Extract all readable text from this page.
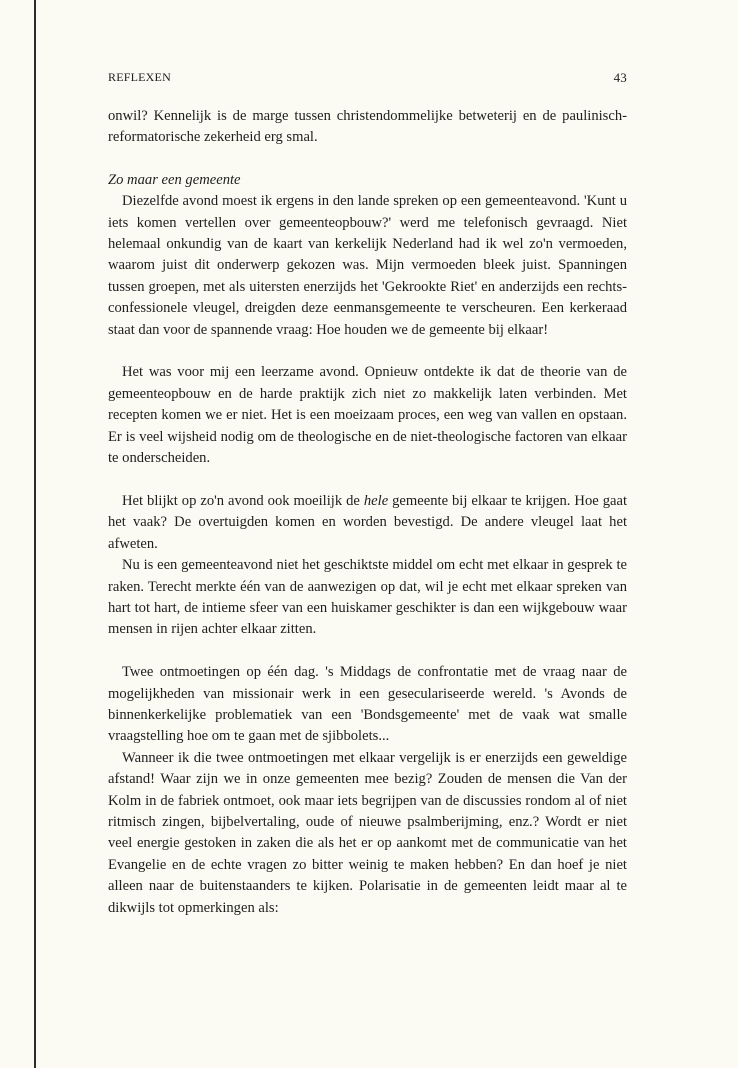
REFLEXEN	43

onwil? Kennelijk is de marge tussen christendommelijke betweterij en de paulinisch-reformatorische zekerheid erg smal.

Zo maar een gemeente

Diezelfde avond moest ik ergens in den lande spreken op een gemeenteavond. 'Kunt u iets komen vertellen over gemeenteopbouw?' werd me telefonisch gevraagd. Niet helemaal onkundig van de kaart van kerkelijk Nederland had ik wel zo'n vermoeden, waarom juist dit onderwerp gekozen was. Mijn vermoeden bleek juist. Spanningen tussen groepen, met als uitersten enerzijds het 'Gekrookte Riet' en anderzijds een rechts-confessionele vleugel, dreigden deze eenmansgemeente te verscheuren. Een kerkeraad staat dan voor de spannende vraag: Hoe houden we de gemeente bij elkaar!

Het was voor mij een leerzame avond. Opnieuw ontdekte ik dat de theorie van de gemeenteopbouw en de harde praktijk zich niet zo makkelijk laten verbinden. Met recepten komen we er niet. Het is een moeizaam proces, een weg van vallen en opstaan. Er is veel wijsheid nodig om de theologische en de niet-theologische factoren van elkaar te onderscheiden.

Het blijkt op zo'n avond ook moeilijk de hele gemeente bij elkaar te krijgen. Hoe gaat het vaak? De overtuigden komen en worden bevestigd. De andere vleugel laat het afweten.

Nu is een gemeenteavond niet het geschiktste middel om echt met elkaar in gesprek te raken. Terecht merkte één van de aanwezigen op dat, wil je echt met elkaar spreken van hart tot hart, de intieme sfeer van een huiskamer geschikter is dan een wijkgebouw waar mensen in rijen achter elkaar zitten.

Twee ontmoetingen op één dag. 's Middags de confrontatie met de vraag naar de mogelijkheden van missionair werk in een geseculariseerde wereld. 's Avonds de binnenkerkelijke problematiek van een 'Bondsgemeente' met de vaak wat smalle vraagstelling hoe om te gaan met de sjibbolets...

Wanneer ik die twee ontmoetingen met elkaar vergelijk is er enerzijds een geweldige afstand! Waar zijn we in onze gemeenten mee bezig? Zouden de mensen die Van der Kolm in de fabriek ontmoet, ook maar iets begrijpen van de discussies rondom al of niet ritmisch zingen, bijbelvertaling, oude of nieuwe psalmberijming, enz.? Wordt er niet veel energie gestoken in zaken die als het er op aankomt met de communicatie van het Evangelie en de echte vragen zo bitter weinig te maken hebben? En dan hoef je niet alleen naar de buitenstaanders te kijken. Polarisatie in de gemeenten leidt maar al te dikwijls tot opmerkingen als:
